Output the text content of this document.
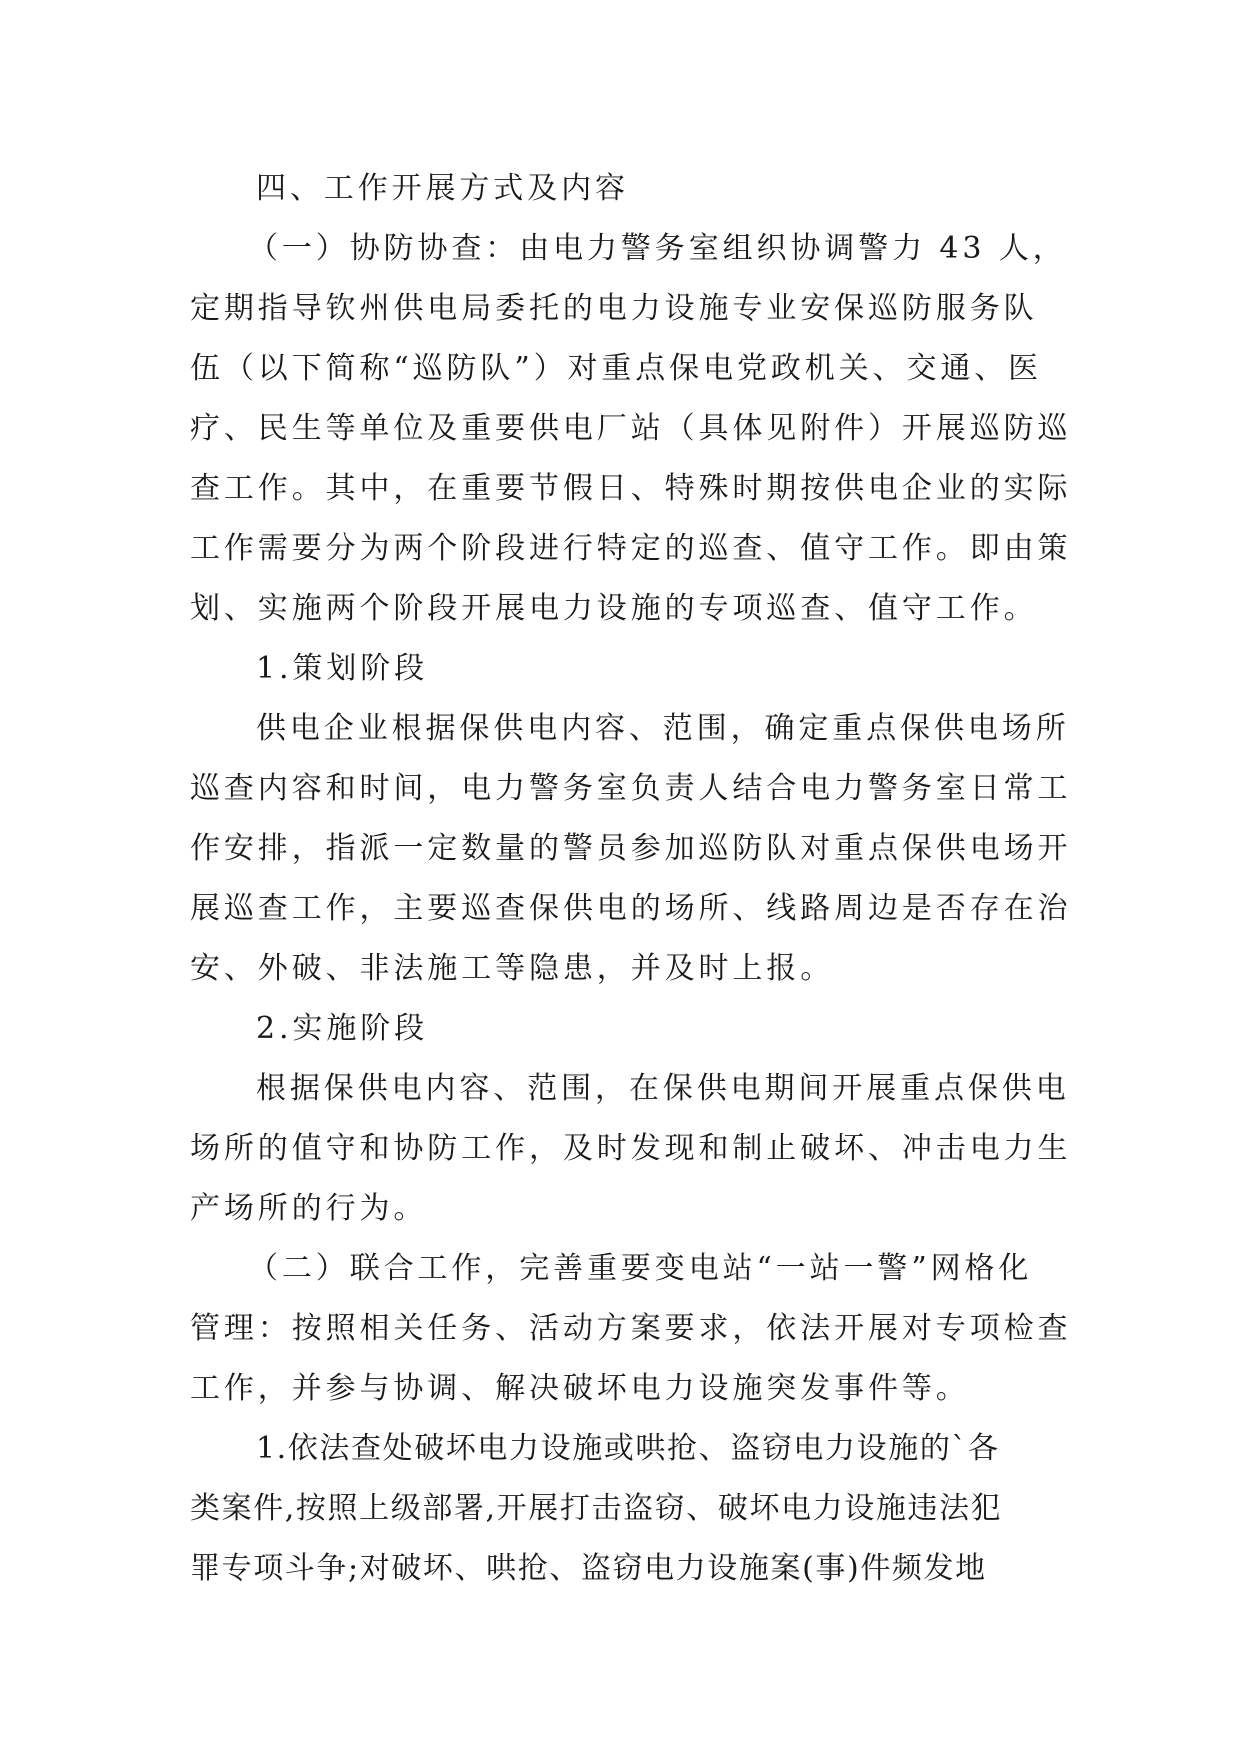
四、工作开展方式及内容
（一）协防协查：由电力警务室组织协调警力 43 人，
定期指导钦州供电局委托的电力设施专业安保巡防服务队
伍（以下简称“巡防队”）对重点保电党政机关、交通、医
疗、民生等单位及重要供电厂站（具体见附件）开展巡防巡
查工作。其中，在重要节假日、特殊时期按供电企业的实际
工作需要分为两个阶段进行特定的巡查、值守工作。即由策
划、实施两个阶段开展电力设施的专项巡查、值守工作。
1.策划阶段
供电企业根据保供电内容、范围，确定重点保供电场所
巡查内容和时间，电力警务室负责人结合电力警务室日常工
作安排，指派一定数量的警员参加巡防队对重点保供电场开
展巡查工作，主要巡查保供电的场所、线路周边是否存在治
安、外破、非法施工等隐患，并及时上报。
2.实施阶段
根据保供电内容、范围，在保供电期间开展重点保供电
场所的值守和协防工作，及时发现和制止破坏、冲击电力生
产场所的行为。
（二）联合工作，完善重要变电站“一站一警”网格化
管理：按照相关任务、活动方案要求，依法开展对专项检查
工作，并参与协调、解决破坏电力设施突发事件等。
1.依法查处破坏电力设施或哄抢、盗窃电力设施的`各
类案件,按照上级部署,开展打击盗窃、破坏电力设施违法犯
罪专项斗争;对破坏、哄抢、盗窃电力设施案(事)件频发地
